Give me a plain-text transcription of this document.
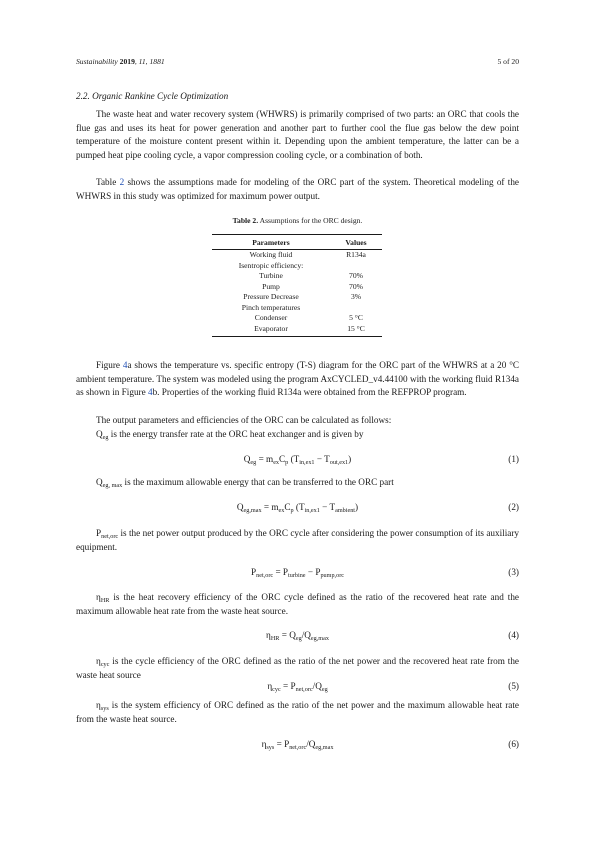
Sustainability 2019, 11, 1881	5 of 20
2.2. Organic Rankine Cycle Optimization

The waste heat and water recovery system (WHWRS) is primarily comprised of two parts: an ORC that cools the flue gas and uses its heat for power generation and another part to further cool the flue gas below the dew point temperature of the moisture content present within it. Depending upon the ambient temperature, the latter can be a pumped heat pipe cooling cycle, a vapor compression cooling cycle, or a combination of both.

Table 2 shows the assumptions made for modeling of the ORC part of the system. Theoretical modeling of the WHWRS in this study was optimized for maximum power output.

Table 2. Assumptions for the ORC design.
Parameters	Values
Working fluid	R134a
Isentropic efficiency:	
Turbine	70%
Pump	70%
Pressure Decrease	3%
Pinch temperatures	
Condenser	5 °C
Evaporator	15 °C

Figure 4a shows the temperature vs. specific entropy (T-S) diagram for the ORC part of the WHWRS at a 20 °C ambient temperature. The system was modeled using the program AxCYCLED_v4.44100 with the working fluid R134a as shown in Figure 4b. Properties of the working fluid R134a were obtained from the REFPROP program.

The output parameters and efficiencies of the ORC can be calculated as follows:

$Q_{eg}$ is the energy transfer rate at the ORC heat exchanger and is given by

$Q_{eg} = m_{ex}C_p$ $(T_{in,ex1} - T_{out,ex1})$	(1)

$Q_{eg, max}$ is the maximum allowable energy that can be transferred to the ORC part

$Q_{eg,max} = m_{ex}C_p$ $(T_{in,ex1} - T_{ambient})$	(2)

$P_{net,orc}$ is the net power output produced by the ORC cycle after considering the power consumption of its auxiliary equipment.

$P_{net,orc} = P_{turbine} - P_{pump,orc}$	(3)

$\eta_{HR}$ is the heat recovery efficiency of the ORC cycle defined as the ratio of the recovered heat rate and the maximum allowable heat rate from the waste heat source.

$\eta_{HR} = Q_{eg}/Q_{eg,max}$	(4)

$\eta_{cyc}$ is the cycle efficiency of the ORC defined as the ratio of the net power and the recovered heat rate from the waste heat source

$\eta_{cyc} = P_{net,orc}/Q_{eg}$	(5)

$\eta_{sys}$ is the system efficiency of ORC defined as the ratio of the net power and the maximum allowable heat rate from the waste heat source.

$\eta_{sys} = P_{net,orc}/Q_{eg,max}$	(6)
